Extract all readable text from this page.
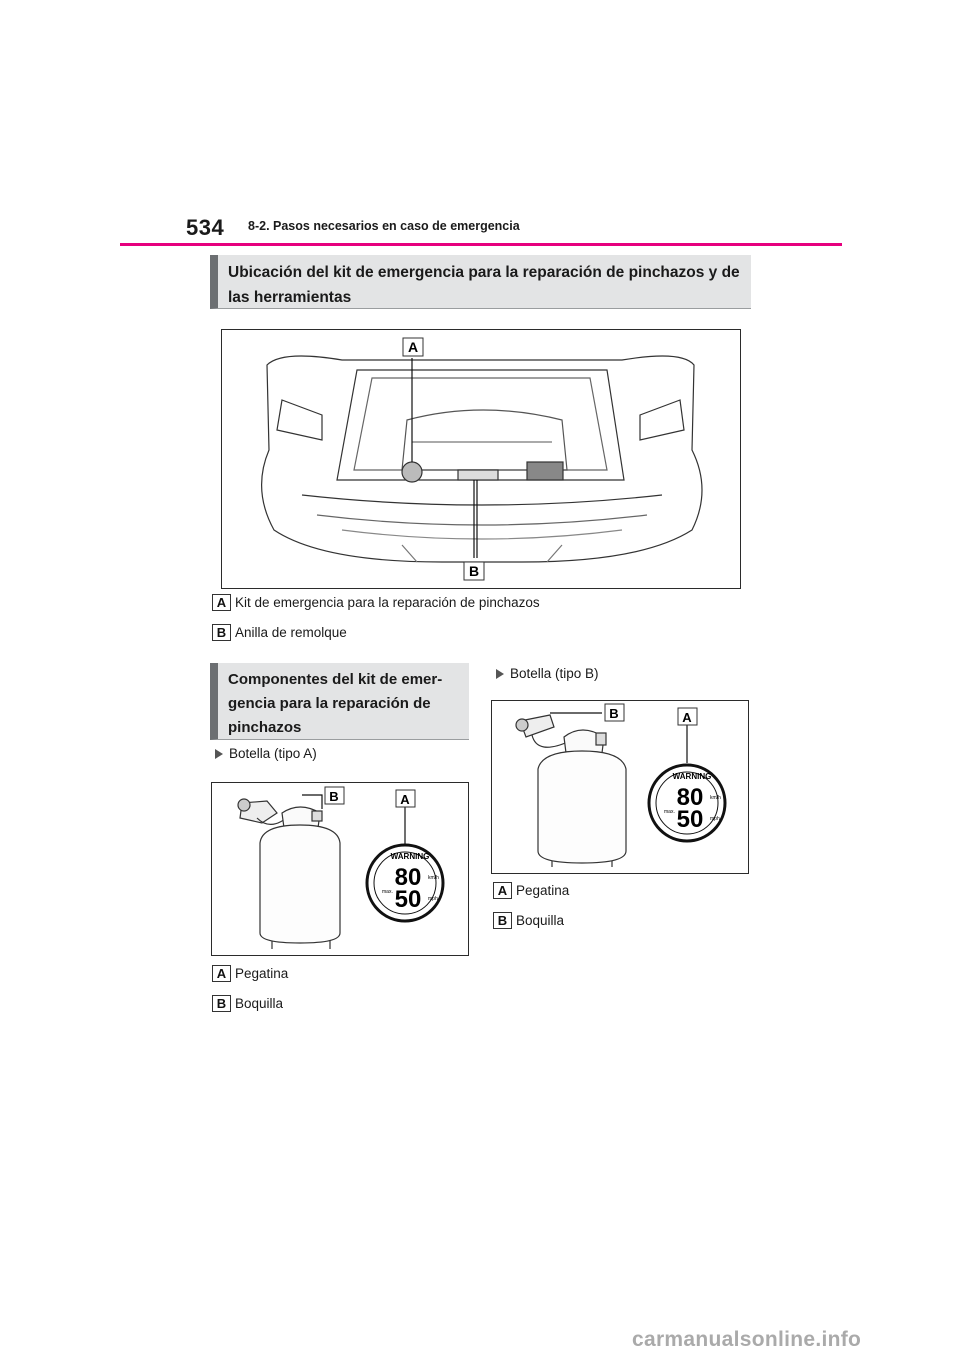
534 8-2. Pasos necesarios en caso de emergencia
Ubicación del kit de emergencia para la reparación de pinchazos y de las herramientas
A
B
A Kit de emergencia para la reparación de pinchazos
B Anilla de remolque
Componentes del kit de emer- gencia para la reparación de pinchazos
Botella (tipo A)
B	A
WARNING
80
50
km/h
mph
max.
A Pegatina
B Boquilla
Botella (tipo B)
B	A
WARNING
80
50
km/h
mph
max.
A Pegatina
B Boquilla
carmanualsonline.info
